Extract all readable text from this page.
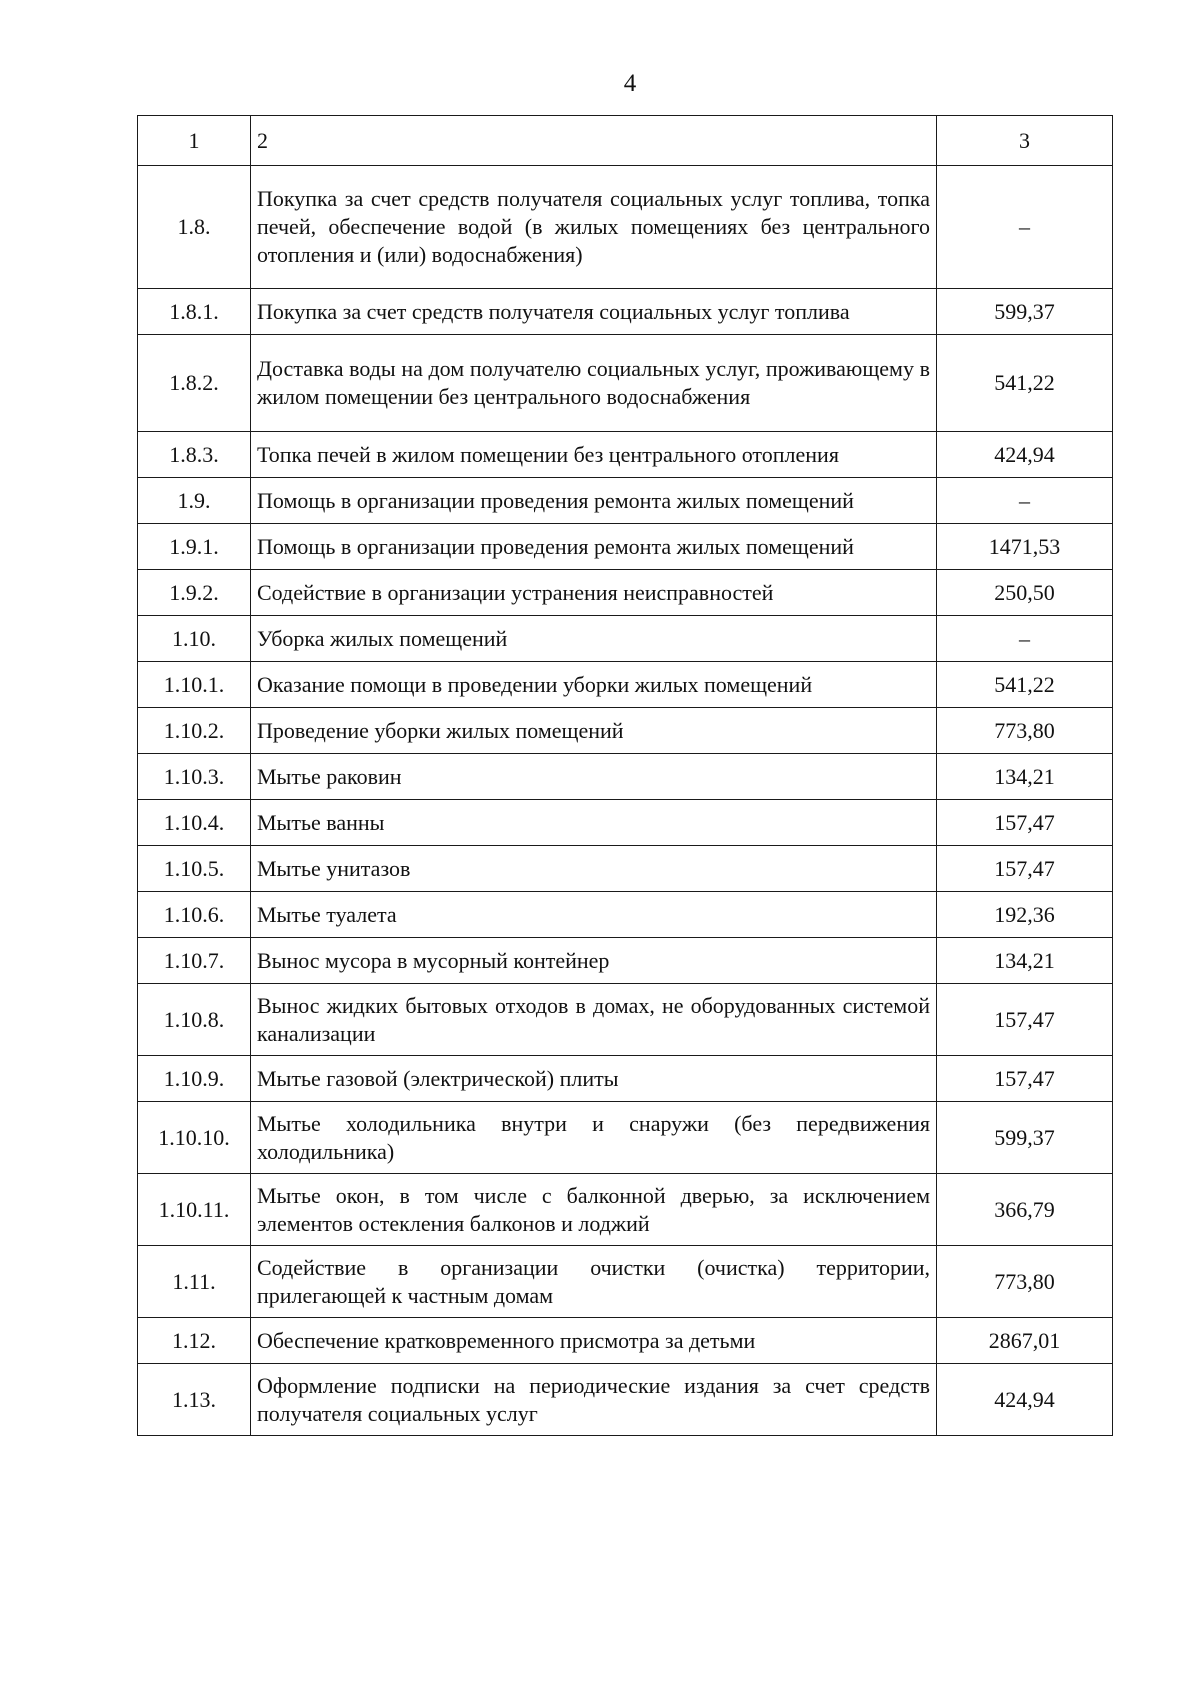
4
1	2	3
1.8.	Покупка за счет средств получателя социальных услуг топлива, топка печей, обеспечение водой (в жилых помещениях без центрального отопления и (или) водоснабжения)	–
1.8.1.	Покупка за счет средств получателя социальных услуг топлива	599,37
1.8.2.	Доставка воды на дом получателю социальных услуг, проживающему в жилом помещении без центрального водоснабжения	541,22
1.8.3.	Топка печей в жилом помещении без центрального отопления	424,94
1.9.	Помощь в организации проведения ремонта жилых помещений	–
1.9.1.	Помощь в организации проведения ремонта жилых помещений	1471,53
1.9.2.	Содействие в организации устранения неисправностей	250,50
1.10.	Уборка жилых помещений	–
1.10.1.	Оказание помощи в проведении уборки жилых помещений	541,22
1.10.2.	Проведение уборки жилых помещений	773,80
1.10.3.	Мытье раковин	134,21
1.10.4.	Мытье ванны	157,47
1.10.5.	Мытье унитазов	157,47
1.10.6.	Мытье туалета	192,36
1.10.7.	Вынос мусора в мусорный контейнер	134,21
1.10.8.	Вынос жидких бытовых отходов в домах, не оборудованных системой канализации	157,47
1.10.9.	Мытье газовой (электрической) плиты	157,47
1.10.10.	Мытье холодильника внутри и снаружи (без передвижения холодильника)	599,37
1.10.11.	Мытье окон, в том числе с балконной дверью, за исключением элементов остекления балконов и лоджий	366,79
1.11.	Содействие в организации очистки (очистка) территории, прилегающей к частным домам	773,80
1.12.	Обеспечение кратковременного присмотра за детьми	2867,01
1.13.	Оформление подписки на периодические издания за счет средств получателя социальных услуг	424,94
